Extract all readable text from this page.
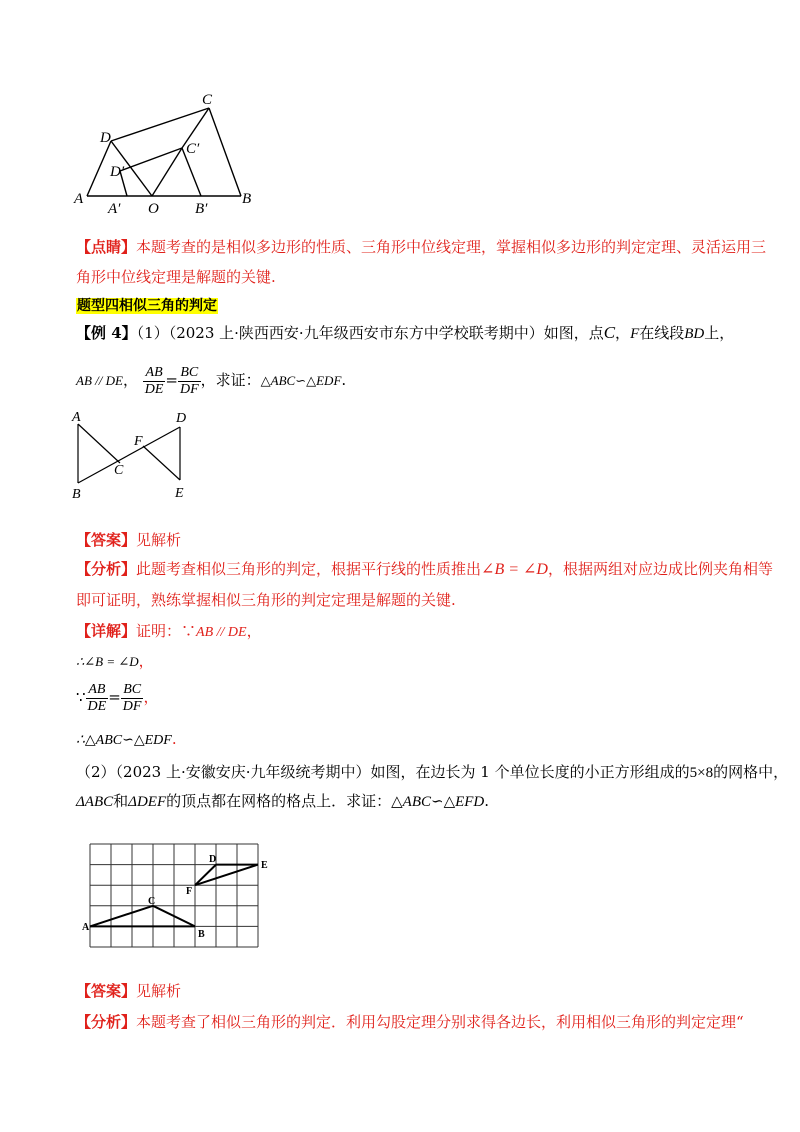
C
D
C′
D′
A
A′ O B′
B
【点睛】本题考查的是相似多边形的性质、三角形中位线定理，掌握相似多边形的判定定理、灵活运用三
角形中位线定理是解题的关键.
题型四相似三角的判定
【例 4】（1）（2023 上·陕西西安·九年级西安市东方中学校联考期中）如图，点C，F在线段BD上，
AB // DE， $\frac{AB}{DE} = \frac{BC}{DF}$ ，求证：△ABC∽△EDF.
A	D
F
C
B	E
【答案】见解析
【分析】此题考查相似三角形的判定，根据平行线的性质推出∠B = ∠D，根据两组对应边成比例夹角相等
即可证明，熟练掌握相似三角形的判定定理是解题的关键.
【详解】证明：∵AB // DE，
∴∠B = ∠D，
∵ $\frac{AB}{DE} = \frac{BC}{DF}$ ，
∴△ABC∽△EDF.
（2）（2023 上·安徽安庆·九年级统考期中）如图，在边长为 1 个单位长度的小正方形组成的5×8的网格中，
ΔABC和ΔDEF的顶点都在网格的格点上．求证：△ABC∽△EFD.
D
E
F
C
A
B
【答案】见解析
【分析】本题考查了相似三角形的判定．利用勾股定理分别求得各边长，利用相似三角形的判定定理“
